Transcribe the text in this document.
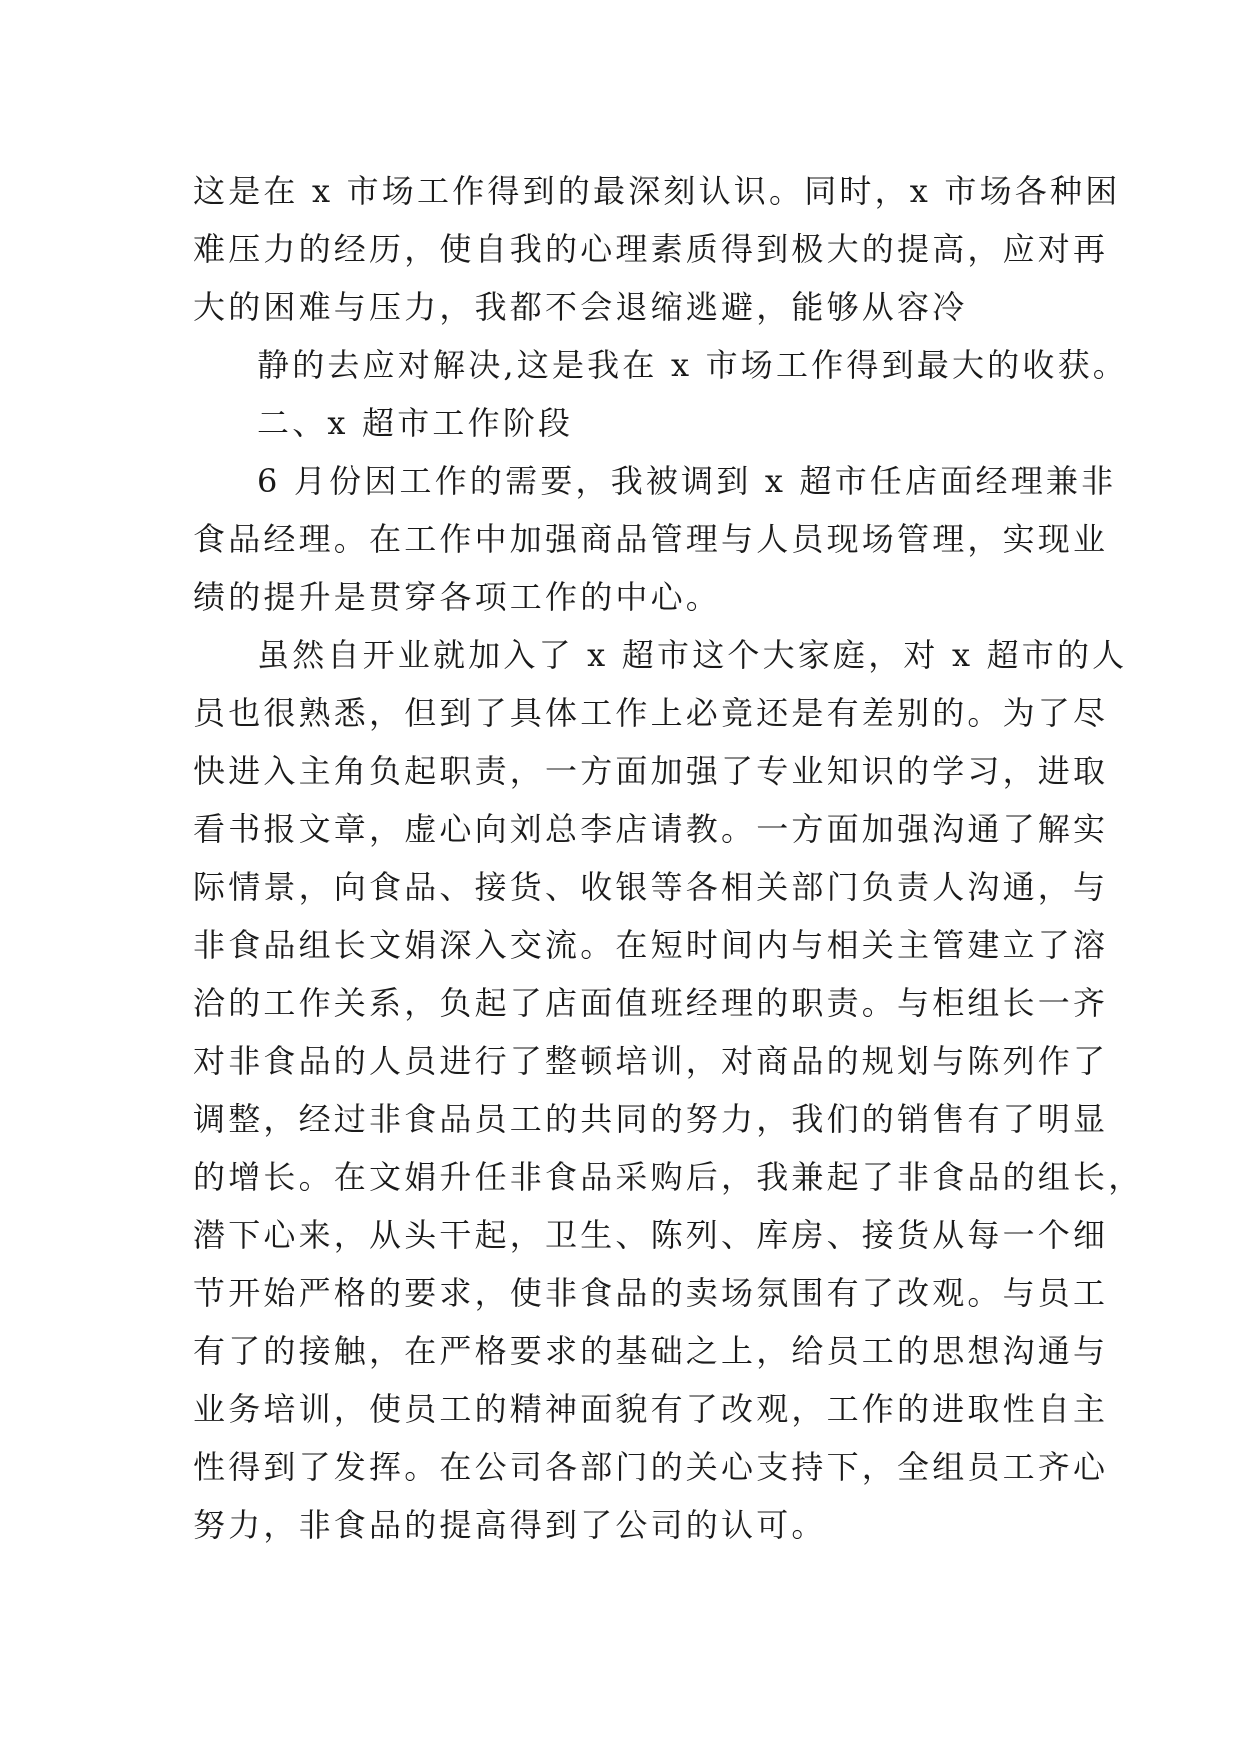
这是在 x 市场工作得到的最深刻认识。同时，x 市场各种困
难压力的经历，使自我的心理素质得到极大的提高，应对再
大的困难与压力，我都不会退缩逃避，能够从容冷
静的去应对解决,这是我在 x 市场工作得到最大的收获。
二、x 超市工作阶段
6 月份因工作的需要，我被调到 x 超市任店面经理兼非
食品经理。在工作中加强商品管理与人员现场管理，实现业
绩的提升是贯穿各项工作的中心。
虽然自开业就加入了 x 超市这个大家庭，对 x 超市的人
员也很熟悉，但到了具体工作上必竟还是有差别的。为了尽
快进入主角负起职责，一方面加强了专业知识的学习，进取
看书报文章，虚心向刘总李店请教。一方面加强沟通了解实
际情景，向食品、接货、收银等各相关部门负责人沟通，与
非食品组长文娟深入交流。在短时间内与相关主管建立了溶
洽的工作关系，负起了店面值班经理的职责。与柜组长一齐
对非食品的人员进行了整顿培训，对商品的规划与陈列作了
调整，经过非食品员工的共同的努力，我们的销售有了明显
的增长。在文娟升任非食品采购后，我兼起了非食品的组长，
潜下心来，从头干起，卫生、陈列、库房、接货从每一个细
节开始严格的要求，使非食品的卖场氛围有了改观。与员工
有了的接触，在严格要求的基础之上，给员工的思想沟通与
业务培训，使员工的精神面貌有了改观，工作的进取性自主
性得到了发挥。在公司各部门的关心支持下，全组员工齐心
努力，非食品的提高得到了公司的认可。
